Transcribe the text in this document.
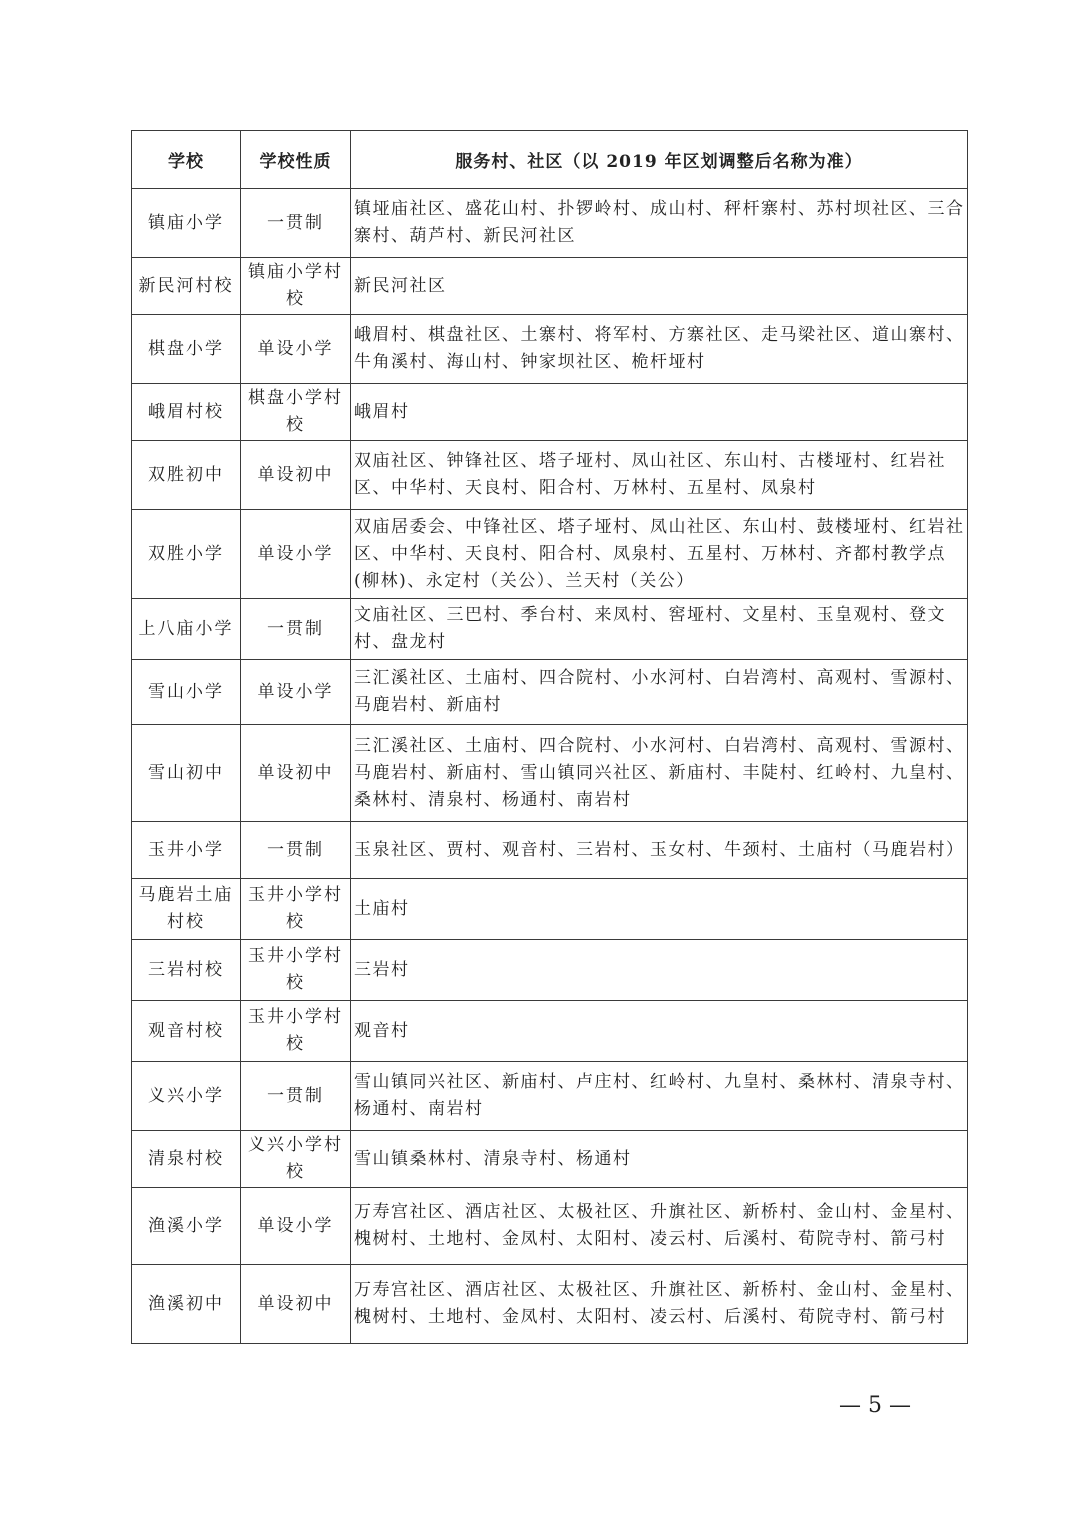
学校	学校性质	服务村、社区（以 2019 年区划调整后名称为准）
镇庙小学	一贯制	镇垭庙社区、盛花山村、扑锣岭村、成山村、秤杆寨村、苏村坝社区、三合寨村、葫芦村、新民河社区
新民河村校	镇庙小学村校	新民河社区
棋盘小学	单设小学	峨眉村、棋盘社区、土寨村、将军村、方寨社区、走马梁社区、道山寨村、牛角溪村、海山村、钟家坝社区、桅杆垭村
峨眉村校	棋盘小学村校	峨眉村
双胜初中	单设初中	双庙社区、钟锋社区、塔子垭村、凤山社区、东山村、古楼垭村、红岩社区、中华村、天良村、阳合村、万林村、五星村、凤泉村
双胜小学	单设小学	双庙居委会、中锋社区、塔子垭村、凤山社区、东山村、鼓楼垭村、红岩社区、中华村、天良村、阳合村、凤泉村、五星村、万林村、齐都村教学点(柳林)、永定村（关公）、兰天村（关公）
上八庙小学	一贯制	文庙社区、三巴村、季台村、来凤村、窖垭村、文星村、玉皇观村、登文村、盘龙村
雪山小学	单设小学	三汇溪社区、土庙村、四合院村、小水河村、白岩湾村、高观村、雪源村、马鹿岩村、新庙村
雪山初中	单设初中	三汇溪社区、土庙村、四合院村、小水河村、白岩湾村、高观村、雪源村、马鹿岩村、新庙村、雪山镇同兴社区、新庙村、丰陡村、红岭村、九皇村、桑林村、清泉村、杨通村、南岩村
玉井小学	一贯制	玉泉社区、贾村、观音村、三岩村、玉女村、牛颈村、土庙村（马鹿岩村）
马鹿岩土庙村校	玉井小学村校	土庙村
三岩村校	玉井小学村校	三岩村
观音村校	玉井小学村校	观音村
义兴小学	一贯制	雪山镇同兴社区、新庙村、卢庄村、红岭村、九皇村、桑林村、清泉寺村、杨通村、南岩村
清泉村校	义兴小学村校	雪山镇桑林村、清泉寺村、杨通村
渔溪小学	单设小学	万寿宫社区、酒店社区、太极社区、升旗社区、新桥村、金山村、金星村、槐树村、土地村、金凤村、太阳村、凌云村、后溪村、荀院寺村、箭弓村
渔溪初中	单设初中	万寿宫社区、酒店社区、太极社区、升旗社区、新桥村、金山村、金星村、槐树村、土地村、金凤村、太阳村、凌云村、后溪村、荀院寺村、箭弓村
— 5 —
